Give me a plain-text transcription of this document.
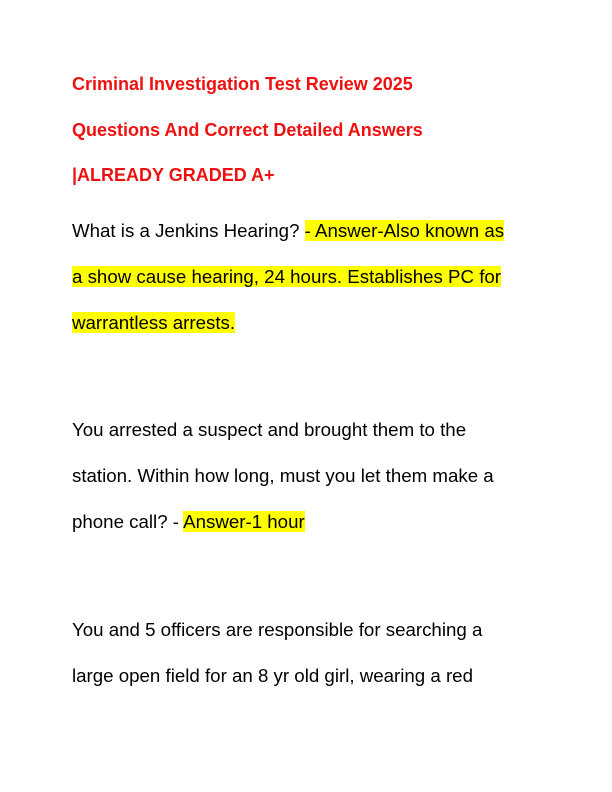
Criminal Investigation Test Review 2025
Questions And Correct Detailed Answers
|ALREADY GRADED A+

What is a Jenkins Hearing? - Answer-Also known as
a show cause hearing, 24 hours. Establishes PC for
warrantless arrests.

You arrested a suspect and brought them to the
station. Within how long, must you let them make a
phone call? - Answer-1 hour

You and 5 officers are responsible for searching a
large open field for an 8 yr old girl, wearing a red
